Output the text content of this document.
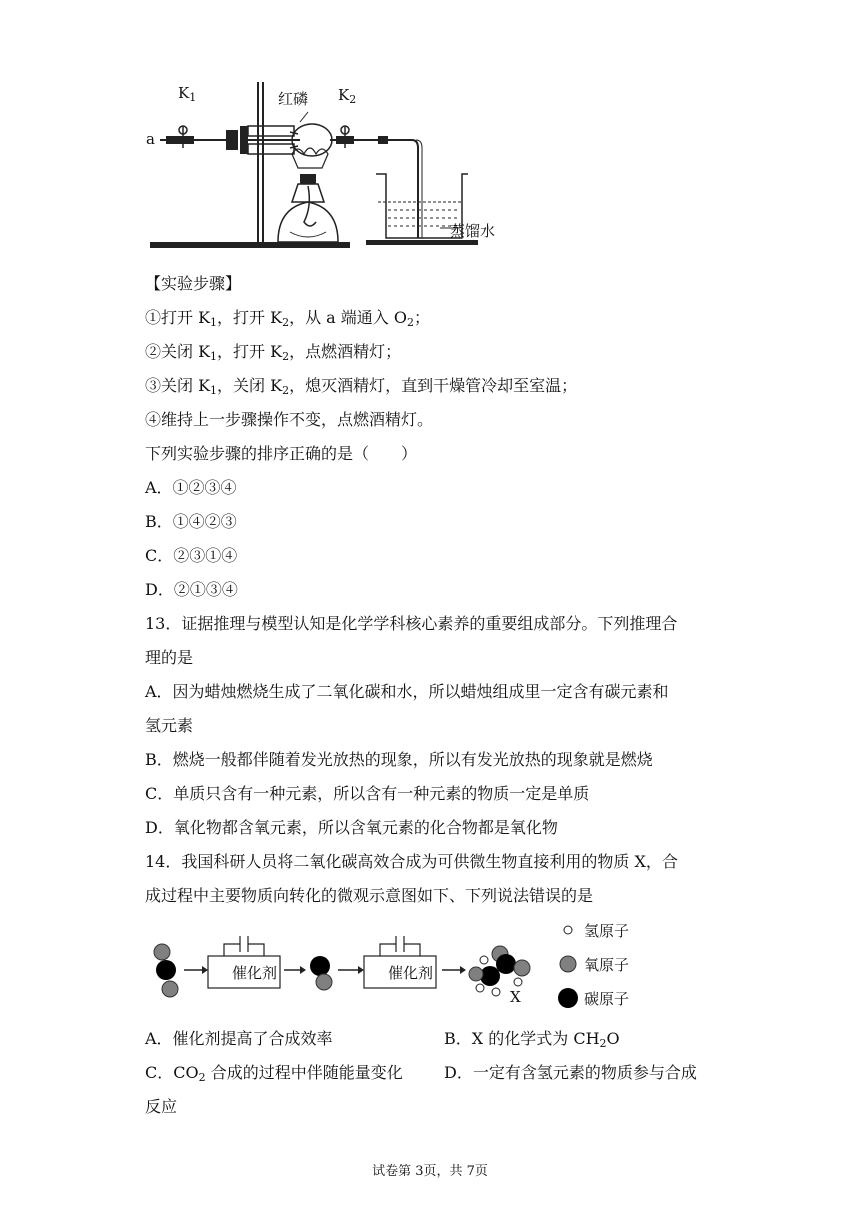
$K_1$	$K_2$
a
红磷
蒸馏水
【实验步骤】
①打开 $K_1$，打开 $K_2$，从 a 端通入 $O_2$；
②关闭 $K_1$，打开 $K_2$，点燃酒精灯；
③关闭 $K_1$，关闭 $K_2$，熄灭酒精灯，直到干燥管冷却至室温；
④维持上一步骤操作不变，点燃酒精灯。
下列实验步骤的排序正确的是（　　）
A．①②③④
B．①④②③
C．②③①④
D．②①③④
13．证据推理与模型认知是化学学科核心素养的重要组成部分。下列推理合
理的是
A．因为蜡烛燃烧生成了二氧化碳和水，所以蜡烛组成里一定含有碳元素和
氢元素
B．燃烧一般都伴随着发光放热的现象，所以有发光放热的现象就是燃烧
C．单质只含有一种元素，所以含有一种元素的物质一定是单质
D．氧化物都含氧元素，所以含氧元素的化合物都是氧化物
14．我国科研人员将二氧化碳高效合成为可供微生物直接利用的物质 X，合
成过程中主要物质向转化的微观示意图如下、下列说法错误的是
催化剂	催化剂
X
氢原子
氧原子
碳原子
A．催化剂提高了合成效率	B．X 的化学式为 $CH_2O$
C．$CO_2$ 合成的过程中伴随能量变化	D．一定有含氢元素的物质参与合成
反应
试卷第 3页，共 7页
